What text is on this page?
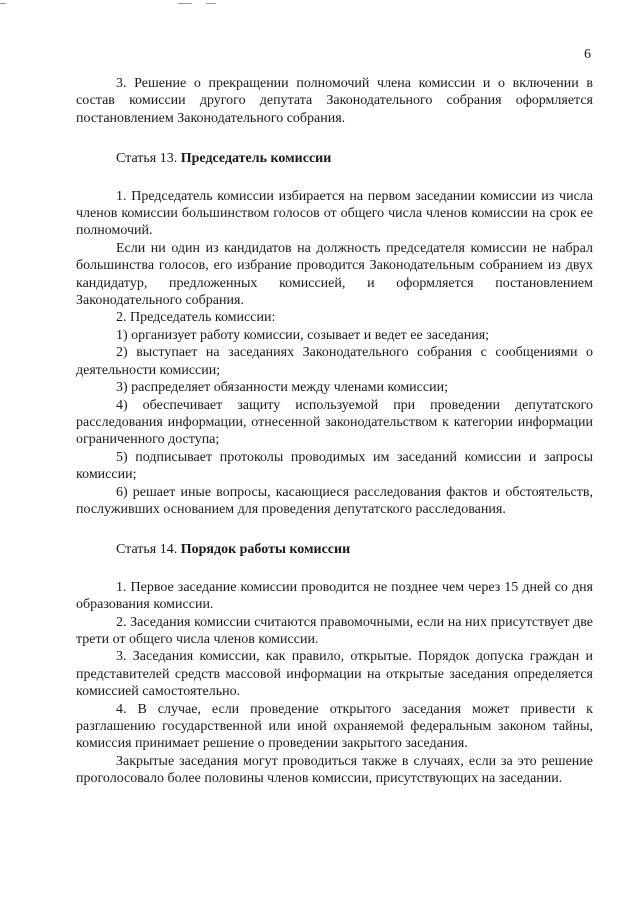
6

3. Решение о прекращении полномочий члена комиссии и о включении в состав комиссии другого депутата Законодательного собрания оформляется постановлением Законодательного собрания.

Статья 13. Председатель комиссии

1. Председатель комиссии избирается на первом заседании комиссии из числа членов комиссии большинством голосов от общего числа членов комиссии на срок ее полномочий.

Если ни один из кандидатов на должность председателя комиссии не набрал большинства голосов, его избрание проводится Законодательным собранием из двух кандидатур, предложенных комиссией, и оформляется постановлением Законодательного собрания.

2. Председатель комиссии:

1) организует работу комиссии, созывает и ведет ее заседания;

2) выступает на заседаниях Законодательного собрания с сообщениями о деятельности комиссии;

3) распределяет обязанности между членами комиссии;

4) обеспечивает защиту используемой при проведении депутатского расследования информации, отнесенной законодательством к категории информации ограниченного доступа;

5) подписывает протоколы проводимых им заседаний комиссии и запросы комиссии;

6) решает иные вопросы, касающиеся расследования фактов и обстоятельств, послуживших основанием для проведения депутатского расследования.

Статья 14. Порядок работы комиссии

1. Первое заседание комиссии проводится не позднее чем через 15 дней со дня образования комиссии.

2. Заседания комиссии считаются правомочными, если на них присутствует две трети от общего числа членов комиссии.

3. Заседания комиссии, как правило, открытые. Порядок допуска граждан и представителей средств массовой информации на открытые заседания определяется комиссией самостоятельно.

4. В случае, если проведение открытого заседания может привести к разглашению государственной или иной охраняемой федеральным законом тайны, комиссия принимает решение о проведении закрытого заседания.

Закрытые заседания могут проводиться также в случаях, если за это решение проголосовало более половины членов комиссии, присутствующих на заседании.
